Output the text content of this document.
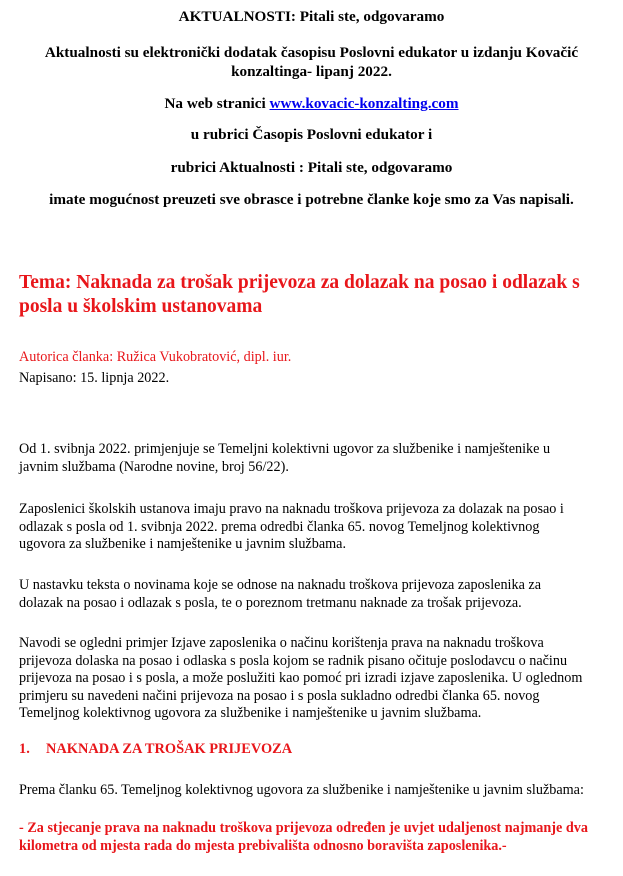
AKTUALNOSTI: Pitali ste, odgovaramo

Aktualnosti su elektronički dodatak časopisu Poslovni edukator u izdanju Kovačić konzaltinga- lipanj 2022.

Na web stranici www.kovacic-konzalting.com

u rubrici Časopis Poslovni edukator i

rubrici Aktualnosti : Pitali ste, odgovaramo

imate mogućnost preuzeti sve obrasce i potrebne članke koje smo za Vas napisali.

Tema: Naknada za trošak prijevoza za dolazak na posao i odlazak s posla u školskim ustanovama

Autorica članka: Ružica Vukobratović, dipl. iur.

Napisano: 15. lipnja 2022.

Od 1. svibnja 2022. primjenjuje se Temeljni kolektivni ugovor za službenike i namještenike u javnim službama (Narodne novine, broj 56/22).

Zaposlenici školskih ustanova imaju pravo na naknadu troškova prijevoza za dolazak na posao i odlazak s posla od 1. svibnja 2022. prema odredbi članka 65. novog Temeljnog kolektivnog ugovora za službenike i namještenike u javnim službama.

U nastavku teksta o novinama koje se odnose na naknadu troškova prijevoza zaposlenika za dolazak na posao i odlazak s posla, te o poreznom tretmanu naknade za trošak prijevoza.

Navodi se ogledni primjer Izjave zaposlenika o načinu korištenja prava na naknadu troškova prijevoza dolaska na posao i odlaska s posla kojom se radnik pisano očituje poslodavcu o načinu prijevoza na posao i s posla, a može poslužiti kao pomoć pri izradi izjave zaposlenika. U oglednom primjeru su navedeni načini prijevoza na posao i s posla sukladno odredbi članka 65. novog Temeljnog kolektivnog ugovora za službenike i namještenike u javnim službama.

1. NAKNADA ZA TROŠAK PRIJEVOZA

Prema članku 65. Temeljnog kolektivnog ugovora za službenike i namještenike u javnim službama:

- Za stjecanje prava na naknadu troškova prijevoza određen je uvjet udaljenost najmanje dva kilometra od mjesta rada do mjesta prebivališta odnosno boravišta zaposlenika.-
